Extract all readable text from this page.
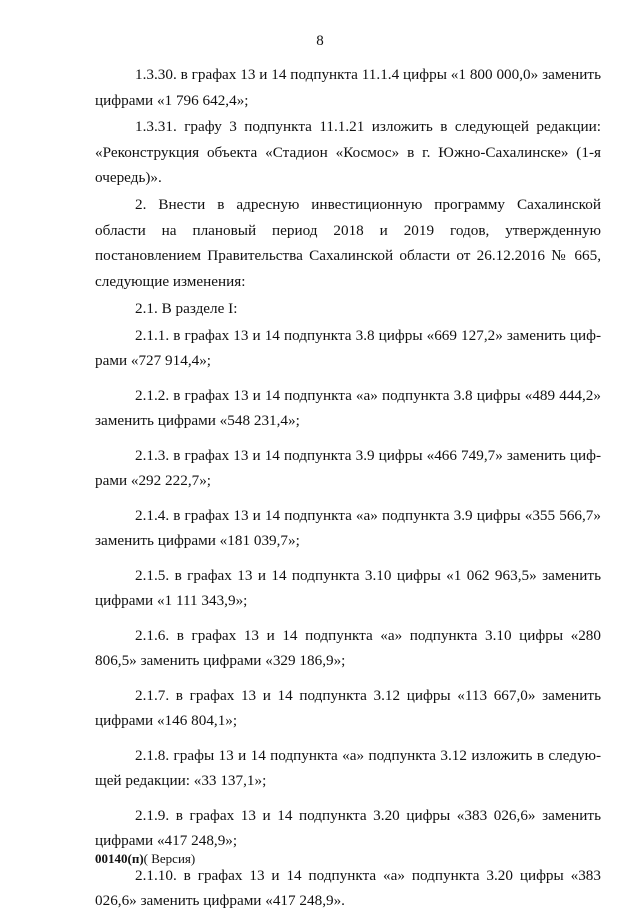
8

1.3.30. в графах 13 и 14 подпункта 11.1.4 цифры «1 800 000,0» заменить цифрами «1 796 642,4»;

1.3.31. графу 3 подпункта 11.1.21 изложить в следующей редакции: «Реконструкция объекта «Стадион «Космос» в г. Южно-Сахалинске» (1-я очередь)».

2. Внести в адресную инвестиционную программу Сахалинской области на плановый период 2018 и 2019 годов, утвержденную постановлением Правительства Сахалинской области от 26.12.2016 № 665, следующие изменения:

2.1. В разделе I:

2.1.1. в графах 13 и 14 подпункта 3.8 цифры «669 127,2» заменить цифрами «727 914,4»;

2.1.2. в графах 13 и 14 подпункта «а» подпункта 3.8 цифры «489 444,2» заменить цифрами «548 231,4»;

2.1.3. в графах 13 и 14 подпункта 3.9 цифры «466 749,7» заменить цифрами «292 222,7»;

2.1.4. в графах 13 и 14 подпункта «а» подпункта 3.9 цифры «355 566,7» заменить цифрами «181 039,7»;

2.1.5. в графах 13 и 14 подпункта 3.10 цифры «1 062 963,5» заменить цифрами «1 111 343,9»;

2.1.6. в графах 13 и 14 подпункта «а» подпункта 3.10 цифры «280 806,5» заменить цифрами «329 186,9»;

2.1.7. в графах 13 и 14 подпункта 3.12 цифры «113 667,0» заменить цифрами «146 804,1»;

2.1.8. графы 13 и 14 подпункта «а» подпункта 3.12 изложить в следующей редакции: «33 137,1»;

2.1.9. в графах 13 и 14 подпункта 3.20 цифры «383 026,6» заменить цифрами «417 248,9»;

2.1.10. в графах 13 и 14 подпункта «а» подпункта 3.20 цифры «383 026,6» заменить цифрами «417 248,9».

00140(п)( Версия)
